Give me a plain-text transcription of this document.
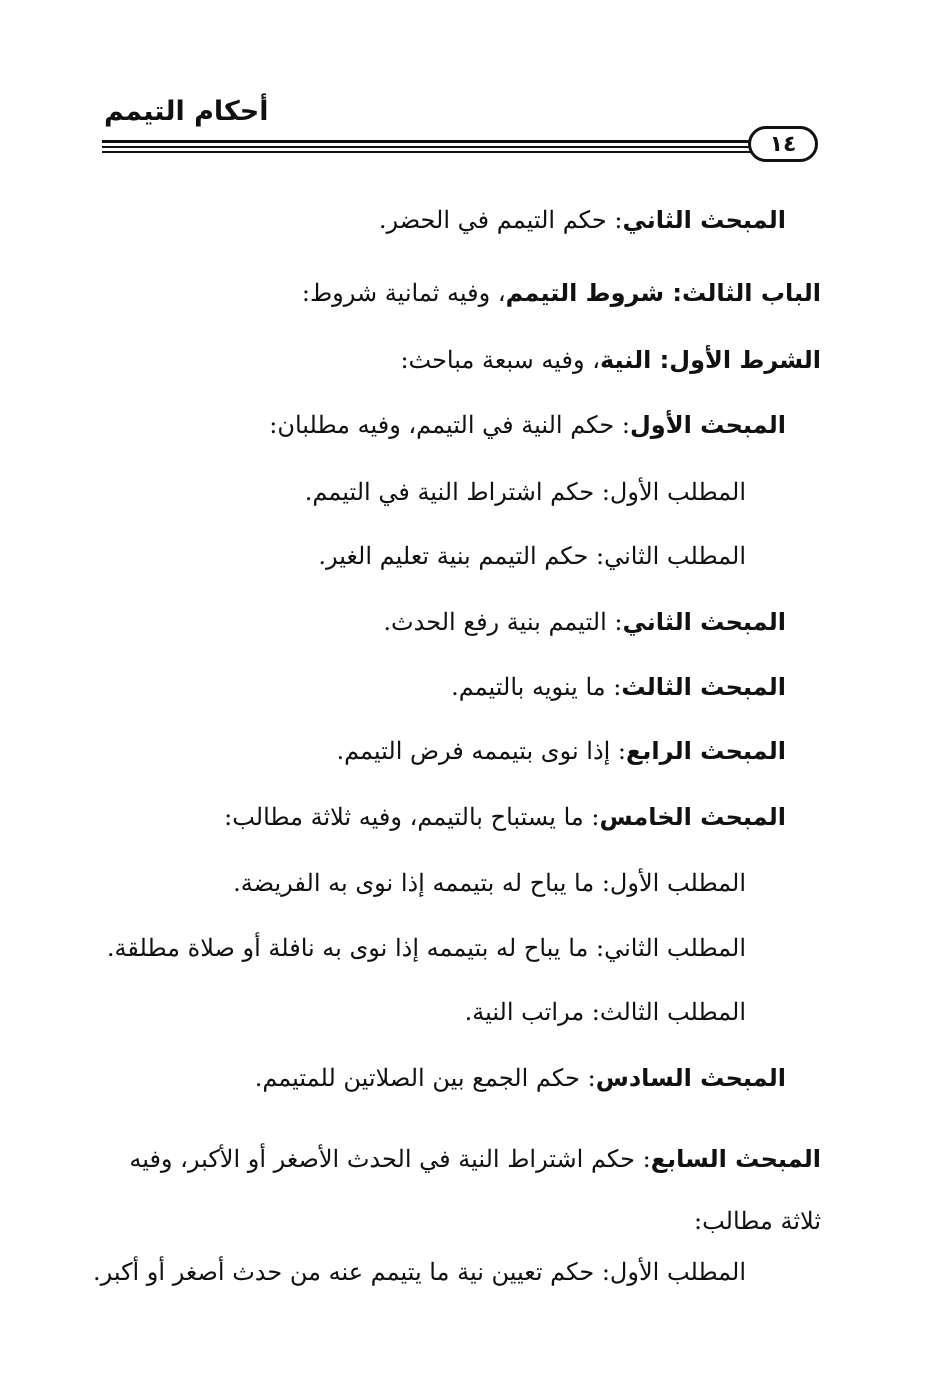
أحكام التيمم
١٤
المبحث الثاني: حكم التيمم في الحضر.
الباب الثالث: شروط التيمم، وفيه ثمانية شروط:
الشرط الأول: النية، وفيه سبعة مباحث:
المبحث الأول: حكم النية في التيمم، وفيه مطلبان:
المطلب الأول: حكم اشتراط النية في التيمم.
المطلب الثاني: حكم التيمم بنية تعليم الغير.
المبحث الثاني: التيمم بنية رفع الحدث.
المبحث الثالث: ما ينويه بالتيمم.
المبحث الرابع: إذا نوى بتيممه فرض التيمم.
المبحث الخامس: ما يستباح بالتيمم، وفيه ثلاثة مطالب:
المطلب الأول: ما يباح له بتيممه إذا نوى به الفريضة.
المطلب الثاني: ما يباح له بتيممه إذا نوى به نافلة أو صلاة مطلقة.
المطلب الثالث: مراتب النية.
المبحث السادس: حكم الجمع بين الصلاتين للمتيمم.
المبحث السابع: حكم اشتراط النية في الحدث الأصغر أو الأكبر، وفيه ثلاثة مطالب:
المطلب الأول: حكم تعيين نية ما يتيمم عنه من حدث أصغر أو أكبر.
